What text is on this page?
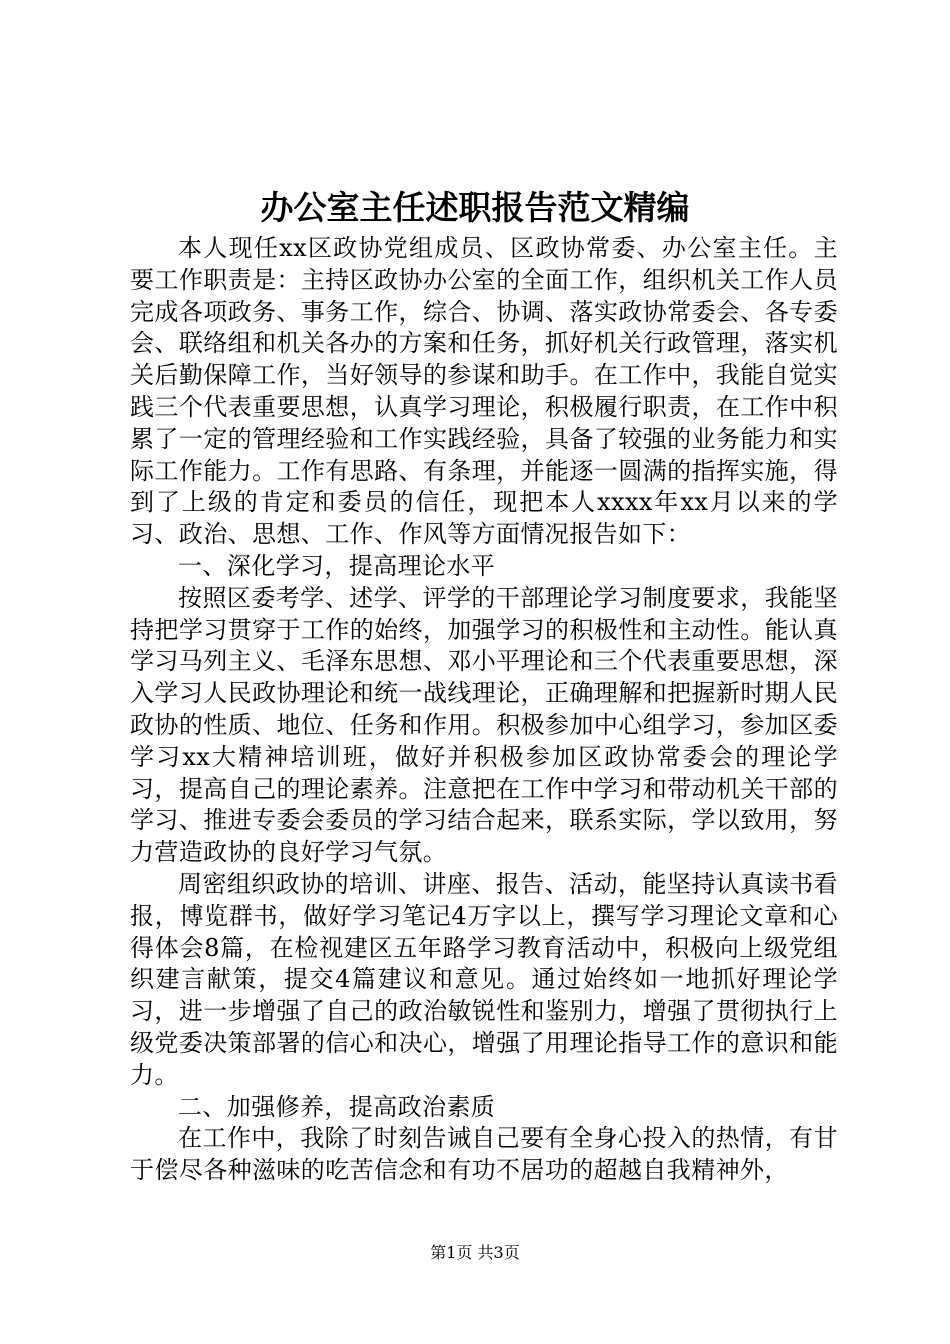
办公室主任述职报告范文精编

本人现任xx区政协党组成员、区政协常委、办公室主任。主要工作职责是：主持区政协办公室的全面工作，组织机关工作人员完成各项政务、事务工作，综合、协调、落实政协常委会、各专委会、联络组和机关各办的方案和任务，抓好机关行政管理，落实机关后勤保障工作，当好领导的参谋和助手。在工作中，我能自觉实践三个代表重要思想，认真学习理论，积极履行职责，在工作中积累了一定的管理经验和工作实践经验，具备了较强的业务能力和实际工作能力。工作有思路、有条理，并能逐一圆满的指挥实施，得到了上级的肯定和委员的信任，现把本人xxxx年xx月以来的学习、政治、思想、工作、作风等方面情况报告如下：

一、深化学习，提高理论水平

按照区委考学、述学、评学的干部理论学习制度要求，我能坚持把学习贯穿于工作的始终，加强学习的积极性和主动性。能认真学习马列主义、毛泽东思想、邓小平理论和三个代表重要思想，深入学习人民政协理论和统一战线理论，正确理解和把握新时期人民政协的性质、地位、任务和作用。积极参加中心组学习，参加区委学习xx大精神培训班，做好并积极参加区政协常委会的理论学习，提高自己的理论素养。注意把在工作中学习和带动机关干部的学习、推进专委会委员的学习结合起来，联系实际，学以致用，努力营造政协的良好学习气氛。

周密组织政协的培训、讲座、报告、活动，能坚持认真读书看报，博览群书，做好学习笔记4万字以上，撰写学习理论文章和心得体会8篇，在检视建区五年路学习教育活动中，积极向上级党组织建言献策，提交4篇建议和意见。通过始终如一地抓好理论学习，进一步增强了自己的政治敏锐性和鉴别力，增强了贯彻执行上级党委决策部署的信心和决心，增强了用理论指导工作的意识和能力。

二、加强修养，提高政治素质

在工作中，我除了时刻告诫自己要有全身心投入的热情，有甘于偿尽各种滋味的吃苦信念和有功不居功的超越自我精神外，

第1页 共3页
